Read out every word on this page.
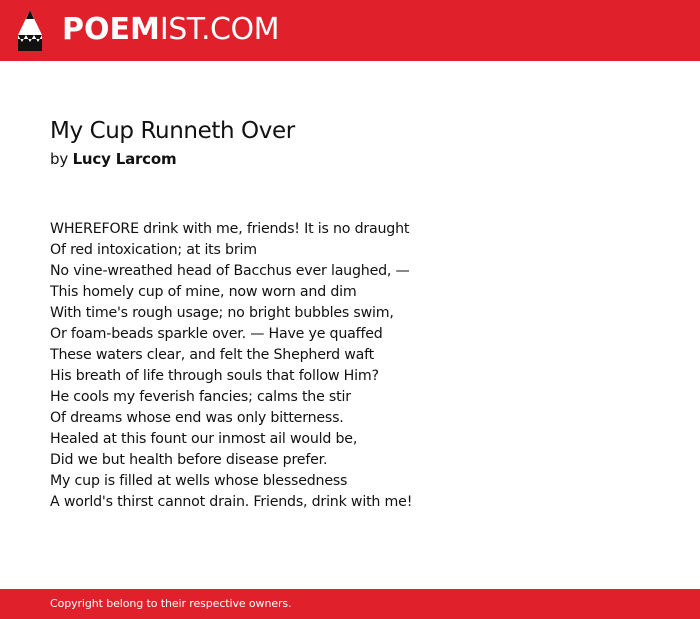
POEMIST.COM
My Cup Runneth Over
by Lucy Larcom
WHEREFORE drink with me, friends! It is no draught
Of red intoxication; at its brim
No vine-wreathed head of Bacchus ever laughed, —
This homely cup of mine, now worn and dim
With time's rough usage; no bright bubbles swim,
Or foam-beads sparkle over. — Have ye quaffed
These waters clear, and felt the Shepherd waft
His breath of life through souls that follow Him?
He cools my feverish fancies; calms the stir
Of dreams whose end was only bitterness.
Healed at this fount our inmost ail would be,
Did we but health before disease prefer.
My cup is filled at wells whose blessedness
A world's thirst cannot drain. Friends, drink with me!
Copyright belong to their respective owners.
